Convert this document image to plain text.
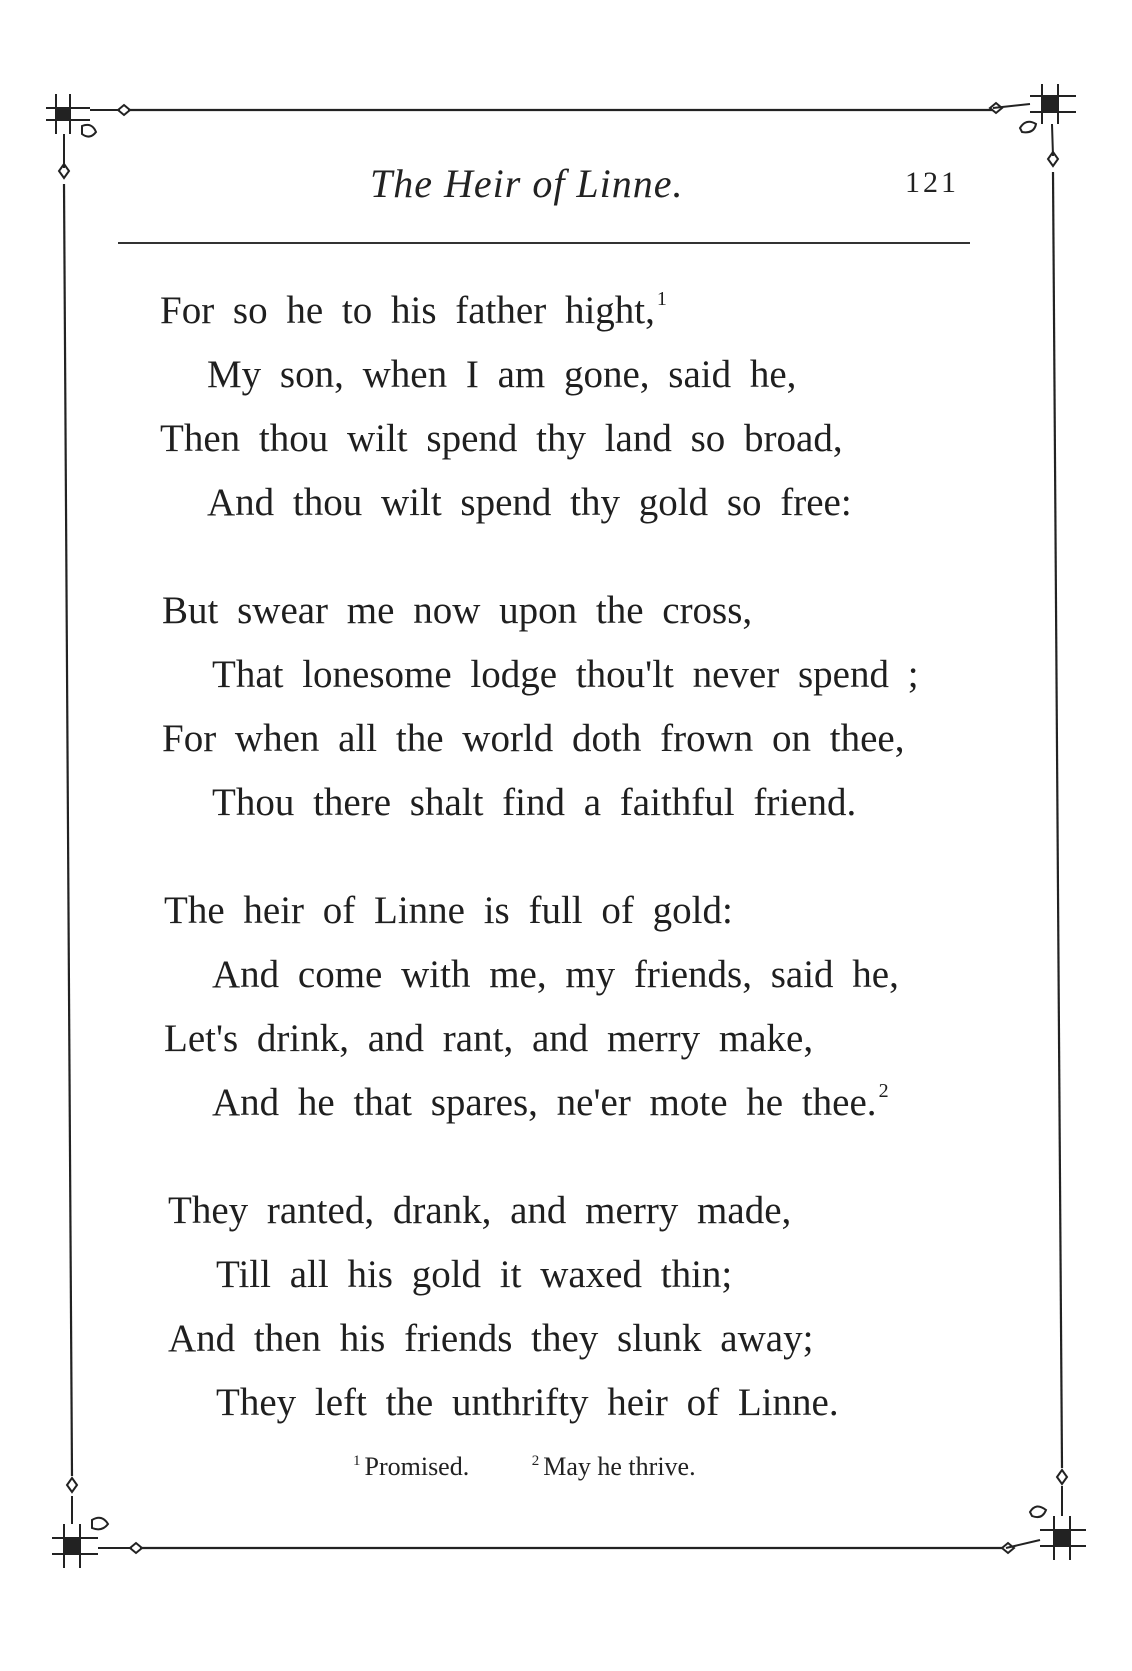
The Heir of Linne.	121
For so he to his father hight, $^1$
My son, when I am gone, said he,
Then thou wilt spend thy land so broad,
And thou wilt spend thy gold so free:
But swear me now upon the cross,
That lonesome lodge thou'lt never spend ;
For when all the world doth frown on thee,
Thou there shalt find a faithful friend.
The heir of Linne is full of gold:
And come with me, my friends, said he,
Let's drink, and rant, and merry make,
And he that spares, ne'er mote he thee. $^2$
They ranted, drank, and merry made,
Till all his gold it waxed thin;
And then his friends they slunk away;
They left the unthrifty heir of Linne.
$^1$ Promised.	$^2$ May he thrive.
